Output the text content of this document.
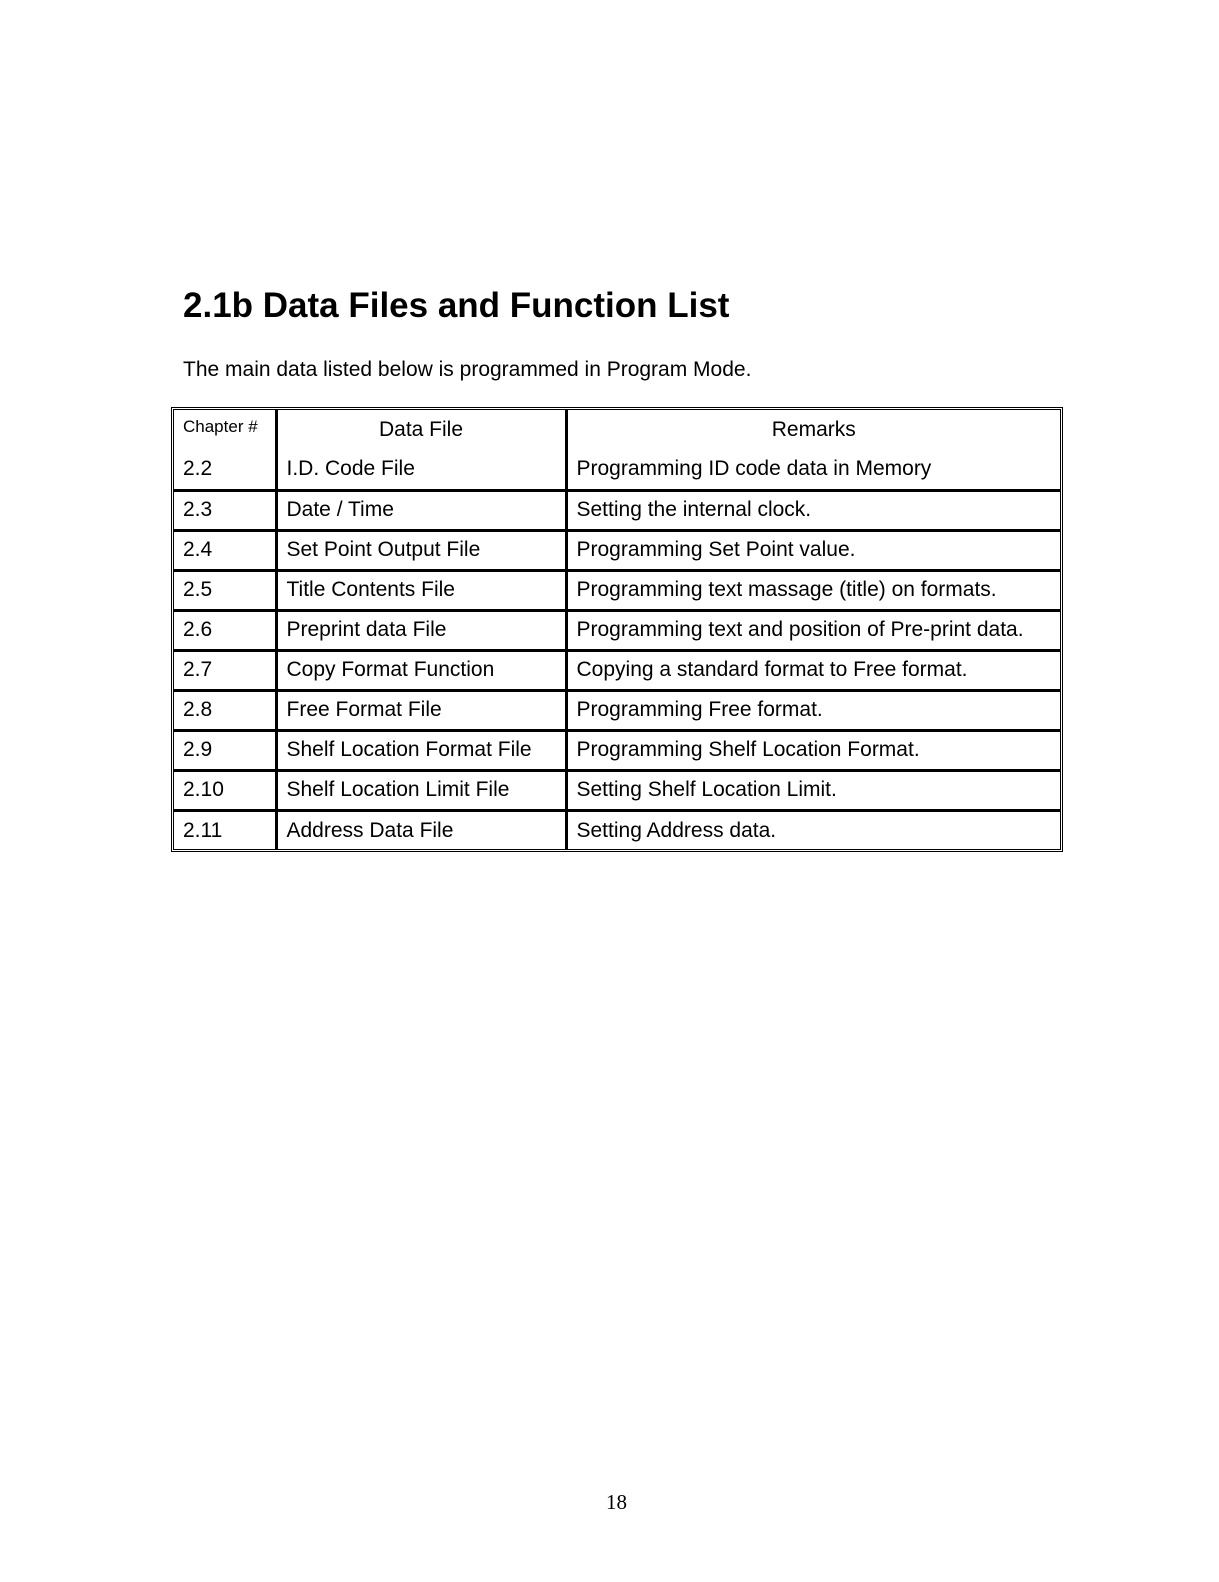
2.1b Data Files and Function List

The main data listed below is programmed in Program Mode.

Chapter #	Data File	Remarks
2.2	I.D. Code File	Programming ID code data in Memory
2.3	Date / Time	Setting the internal clock.
2.4	Set Point Output File	Programming Set Point value.
2.5	Title Contents File	Programming text massage (title) on formats.
2.6	Preprint data File	Programming text and position of Pre-print data.
2.7	Copy Format Function	Copying a standard format to Free format.
2.8	Free Format File	Programming Free format.
2.9	Shelf Location Format File	Programming Shelf Location Format.
2.10	Shelf Location Limit File	Setting Shelf Location Limit.
2.11	Address Data File	Setting Address data.
18
